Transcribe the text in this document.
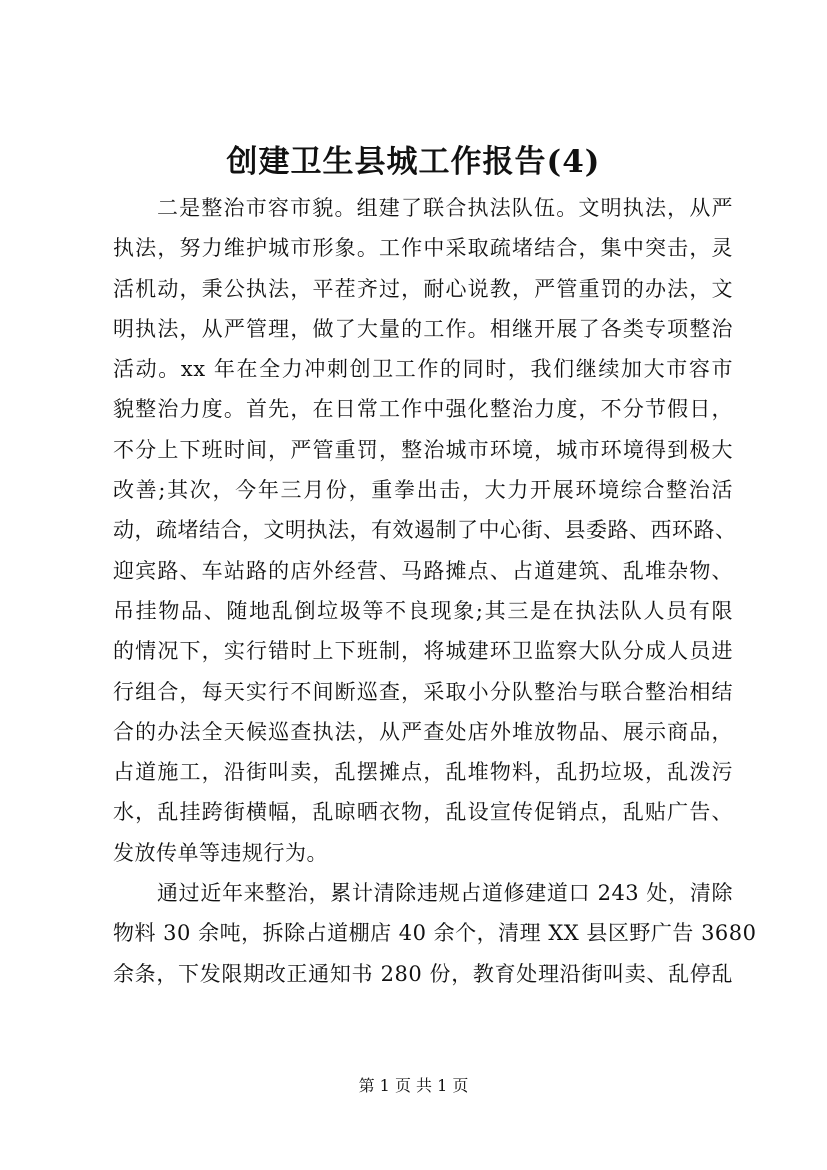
创建卫生县城工作报告(4)
二是整治市容市貌。组建了联合执法队伍。文明执法，从严
执法，努力维护城市形象。工作中采取疏堵结合，集中突击，灵
活机动，秉公执法，平茬齐过，耐心说教，严管重罚的办法，文
明执法，从严管理，做了大量的工作。相继开展了各类专项整治
活动。xx 年在全力冲刺创卫工作的同时，我们继续加大市容市
貌整治力度。首先，在日常工作中强化整治力度，不分节假日，
不分上下班时间，严管重罚，整治城市环境，城市环境得到极大
改善;其次，今年三月份，重拳出击，大力开展环境综合整治活
动，疏堵结合，文明执法，有效遏制了中心街、县委路、西环路、
迎宾路、车站路的店外经营、马路摊点、占道建筑、乱堆杂物、
吊挂物品、随地乱倒垃圾等不良现象;其三是在执法队人员有限
的情况下，实行错时上下班制，将城建环卫监察大队分成人员进
行组合，每天实行不间断巡查，采取小分队整治与联合整治相结
合的办法全天候巡查执法，从严查处店外堆放物品、展示商品，
占道施工，沿街叫卖，乱摆摊点，乱堆物料，乱扔垃圾，乱泼污
水，乱挂跨街横幅，乱晾晒衣物，乱设宣传促销点，乱贴广告、
发放传单等违规行为。
通过近年来整治，累计清除违规占道修建道口 243 处，清除
物料 30 余吨，拆除占道棚店 40 余个，清理 XX 县区野广告 3680
余条，下发限期改正通知书 280 份，教育处理沿街叫卖、乱停乱
第 1 页 共 1 页
